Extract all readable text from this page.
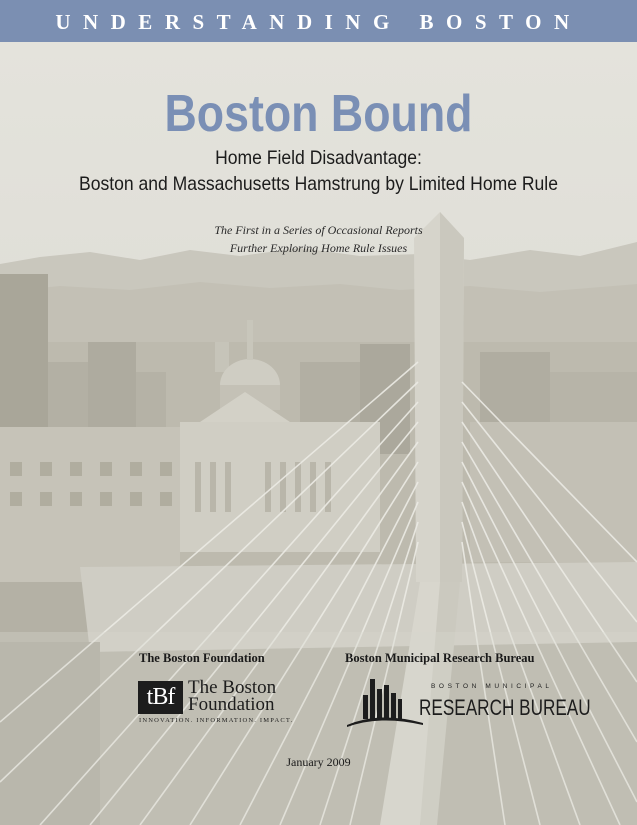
UNDERSTANDING BOSTON
Boston Bound
Home Field Disadvantage:
Boston and Massachusetts Hamstrung by Limited Home Rule
The First in a Series of Occasional Reports
Further Exploring Home Rule Issues
The Boston Foundation	Boston Municipal Research Bureau
tBf The Boston
Foundation
INNOVATION. INFORMATION. IMPACT.
BOSTON MUNICIPAL
RESEARCH BUREAU
January 2009
